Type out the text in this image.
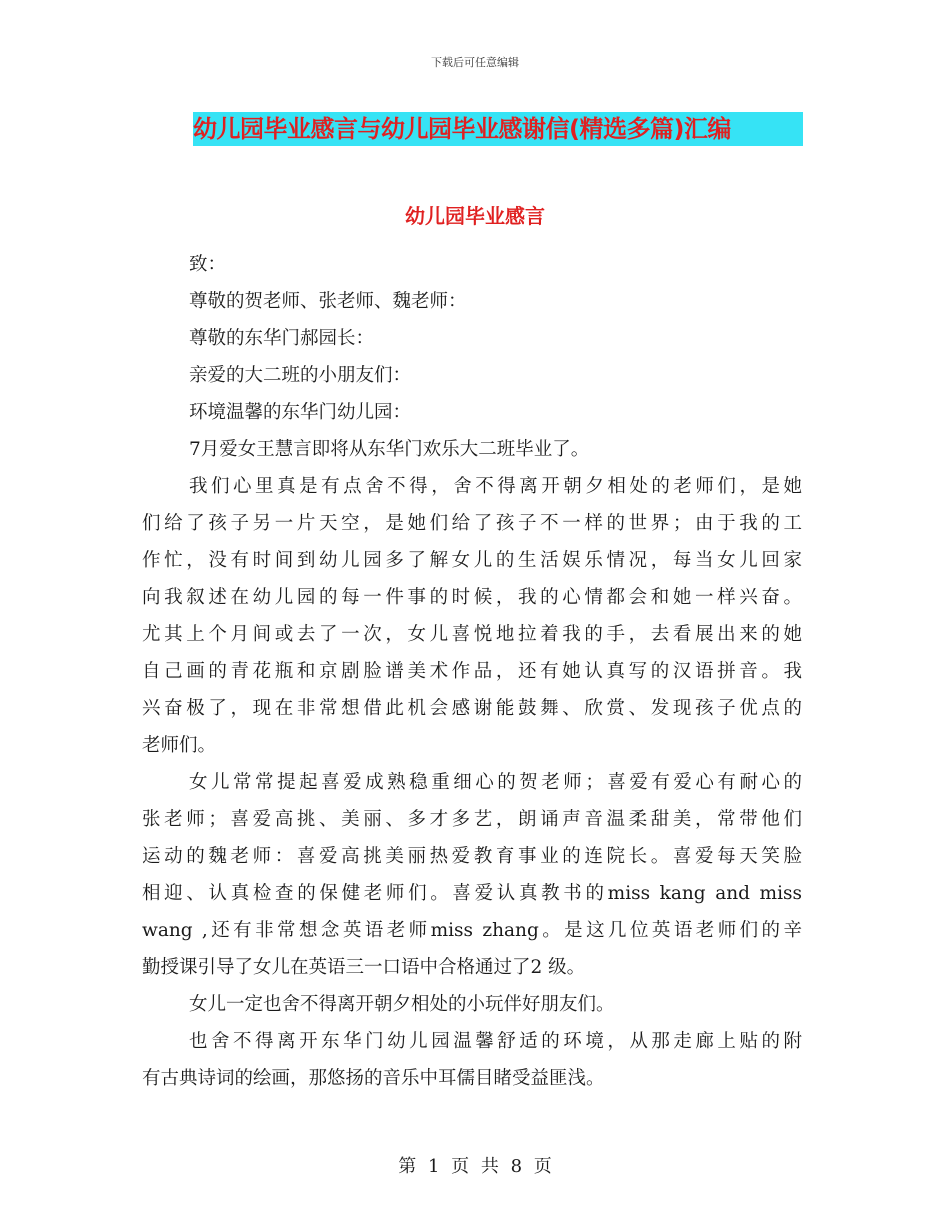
下载后可任意编辑
幼儿园毕业感言与幼儿园毕业感谢信(精选多篇)汇编
幼儿园毕业感言
致：
尊敬的贺老师、张老师、魏老师：
尊敬的东华门郝园长：
亲爱的大二班的小朋友们：
环境温馨的东华门幼儿园：
7月爱女王慧言即将从东华门欢乐大二班毕业了。
我们心里真是有点舍不得，舍不得离开朝夕相处的老师们，是她
们给了孩子另一片天空，是她们给了孩子不一样的世界；由于我的工
作忙，没有时间到幼儿园多了解女儿的生活娱乐情况，每当女儿回家
向我叙述在幼儿园的每一件事的时候，我的心情都会和她一样兴奋。
尤其上个月间或去了一次，女儿喜悦地拉着我的手，去看展出来的她
自己画的青花瓶和京剧脸谱美术作品，还有她认真写的汉语拼音。我
兴奋极了，现在非常想借此机会感谢能鼓舞、欣赏、发现孩子优点的
老师们。
女儿常常提起喜爱成熟稳重细心的贺老师；喜爱有爱心有耐心的
张老师；喜爱高挑、美丽、多才多艺，朗诵声音温柔甜美，常带他们
运动的魏老师：喜爱高挑美丽热爱教育事业的连院长。喜爱每天笑脸
相迎、认真检查的保健老师们。喜爱认真教书的miss kang and miss
wang ,还有非常想念英语老师miss zhang。是这几位英语老师们的辛
勤授课引导了女儿在英语三一口语中合格通过了2 级。
女儿一定也舍不得离开朝夕相处的小玩伴好朋友们。
也舍不得离开东华门幼儿园温馨舒适的环境，从那走廊上贴的附
有古典诗词的绘画，那悠扬的音乐中耳儒目睹受益匪浅。
第 1 页 共 8 页
